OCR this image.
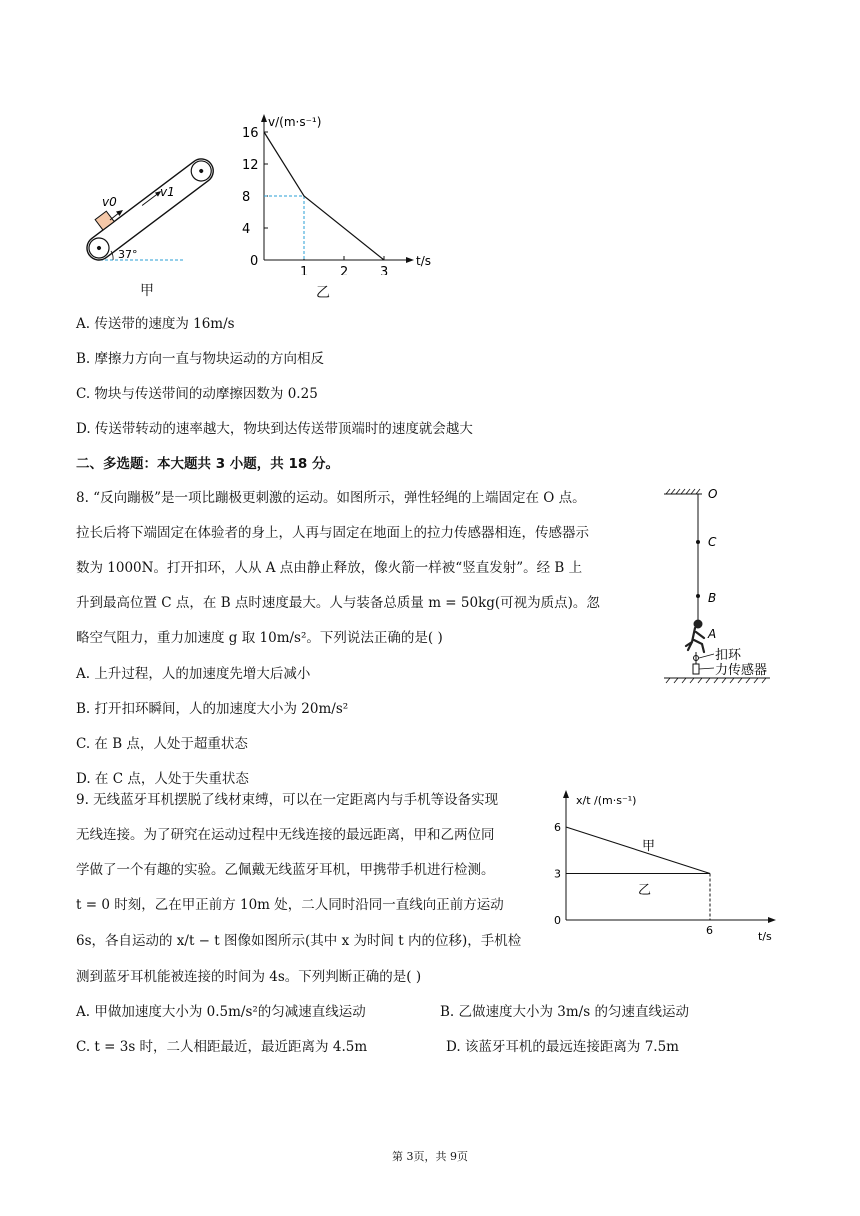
v0
v1
37°
甲
v/(m·s⁻¹)
t/s
16
12
8
4
0
1 2 3
乙
A. 传送带的速度为 16m/s
B. 摩擦力方向一直与物块运动的方向相反
C. 物块与传送带间的动摩擦因数为 0.25
D. 传送带转动的速率越大，物块到达传送带顶端时的速度就会越大
二、多选题：本大题共 3 小题，共 18 分。
8. “反向蹦极”是一项比蹦极更刺激的运动。如图所示，弹性轻绳的上端固定在 O 点。
拉长后将下端固定在体验者的身上，人再与固定在地面上的拉力传感器相连，传感器示
数为 1000N。打开扣环，人从 A 点由静止释放，像火箭一样被“竖直发射”。经 B 上
升到最高位置 C 点，在 B 点时速度最大。人与装备总质量 m = 50kg(可视为质点)。忽
略空气阻力，重力加速度 g 取 10m/s²。下列说法正确的是( )
A. 上升过程，人的加速度先增大后减小
B. 打开扣环瞬间，人的加速度大小为 20m/s²
C. 在 B 点，人处于超重状态
D. 在 C 点，人处于失重状态
O
C
B
A
扣环
力传感器
9. 无线蓝牙耳机摆脱了线材束缚，可以在一定距离内与手机等设备实现
无线连接。为了研究在运动过程中无线连接的最远距离，甲和乙两位同
学做了一个有趣的实验。乙佩戴无线蓝牙耳机，甲携带手机进行检测。
t = 0 时刻，乙在甲正前方 10m 处，二人同时沿同一直线向正前方运动
6s，各自运动的 x/t − t 图像如图所示(其中 x 为时间 t 内的位移)，手机检
测到蓝牙耳机能被连接的时间为 4s。下列判断正确的是( )
A. 甲做加速度大小为 0.5m/s²的匀减速直线运动	B. 乙做速度大小为 3m/s 的匀速直线运动
C. t = 3s 时，二人相距最近，最近距离为 4.5m	D. 该蓝牙耳机的最远连接距离为 7.5m
x/t /(m·s⁻¹)
t/s
6
3
0
6
甲
乙
第 3页，共 9页
